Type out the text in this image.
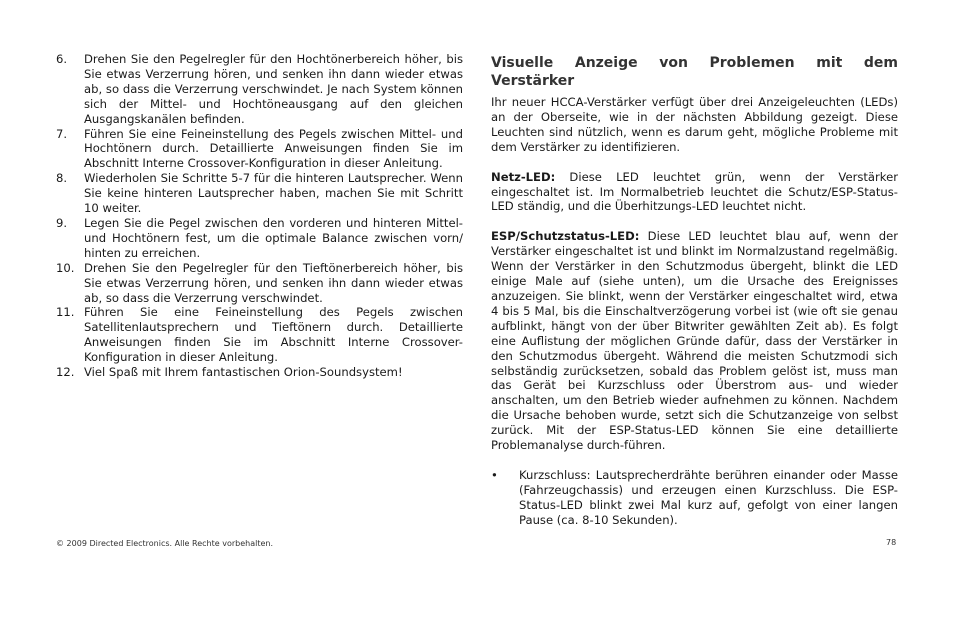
6.	Drehen Sie den Pegelregler für den Hochtönerbereich höher, bis Sie etwas Verzerrung hören, und senken ihn dann wieder etwas ab, so dass die Verzerrung verschwindet. Je nach System können sich der Mittel- und Hochtöneausgang auf den gleichen Ausgangskanälen befinden.
7.	Führen Sie eine Feineinstellung des Pegels zwischen Mittel- und Hochtönern durch. Detaillierte Anweisungen finden Sie im Abschnitt Interne Crossover-Konfiguration in dieser Anleitung.
8.	Wiederholen Sie Schritte 5-7 für die hinteren Lautsprecher. Wenn Sie keine hinteren Lautsprecher haben, machen Sie mit Schritt 10 weiter.
9.	Legen Sie die Pegel zwischen den vorderen und hinteren Mittel- und Hochtönern fest, um die optimale Balance zwischen vorn/ hinten zu erreichen.
10. Drehen Sie den Pegelregler für den Tieftönerbereich höher, bis Sie etwas Verzerrung hören, und senken ihn dann wieder etwas ab, so dass die Verzerrung verschwindet.
11. Führen Sie eine Feineinstellung des Pegels zwischen Satellitenlautsprechern und Tieftönern durch. Detaillierte Anweisungen finden Sie im Abschnitt Interne Crossover-Konfiguration in dieser Anleitung.
12. Viel Spaß mit Ihrem fantastischen Orion-Soundsystem!
Visuelle Anzeige von Problemen mit dem Verstärker

Ihr neuer HCCA-Verstärker verfügt über drei Anzeigeleuchten (LEDs) an der Oberseite, wie in der nächsten Abbildung gezeigt. Diese Leuchten sind nützlich, wenn es darum geht, mögliche Probleme mit dem Verstärker zu identifizieren.

Netz-LED: Diese LED leuchtet grün, wenn der Verstärker eingeschaltet ist. Im Normalbetrieb leuchtet die Schutz/ESP-Status-LED ständig, und die Überhitzungs-LED leuchtet nicht.

ESP/Schutzstatus-LED: Diese LED leuchtet blau auf, wenn der Verstärker eingeschaltet ist und blinkt im Normalzustand regelmäßig. Wenn der Verstärker in den Schutzmodus übergeht, blinkt die LED einige Male auf (siehe unten), um die Ursache des Ereignisses anzuzeigen. Sie blinkt, wenn der Verstärker eingeschaltet wird, etwa 4 bis 5 Mal, bis die Einschaltverzögerung vorbei ist (wie oft sie genau aufblinkt, hängt von der über Bitwriter gewählten Zeit ab). Es folgt eine Auflistung der möglichen Gründe dafür, dass der Verstärker in den Schutzmodus übergeht. Während die meisten Schutzmodi sich selbständig zurücksetzen, sobald das Problem gelöst ist, muss man das Gerät bei Kurzschluss oder Überstrom aus- und wieder anschalten, um den Betrieb wieder aufnehmen zu können. Nachdem die Ursache behoben wurde, setzt sich die Schutzanzeige von selbst zurück. Mit der ESP-Status-LED können Sie eine detaillierte Problemanalyse durch-führen.

•	Kurzschluss: Lautsprecherdrähte berühren einander oder Masse (Fahrzeugchassis) und erzeugen einen Kurzschluss. Die ESP-Status-LED blinkt zwei Mal kurz auf, gefolgt von einer langen Pause (ca. 8-10 Sekunden).
© 2009 Directed Electronics. Alle Rechte vorbehalten.	78
